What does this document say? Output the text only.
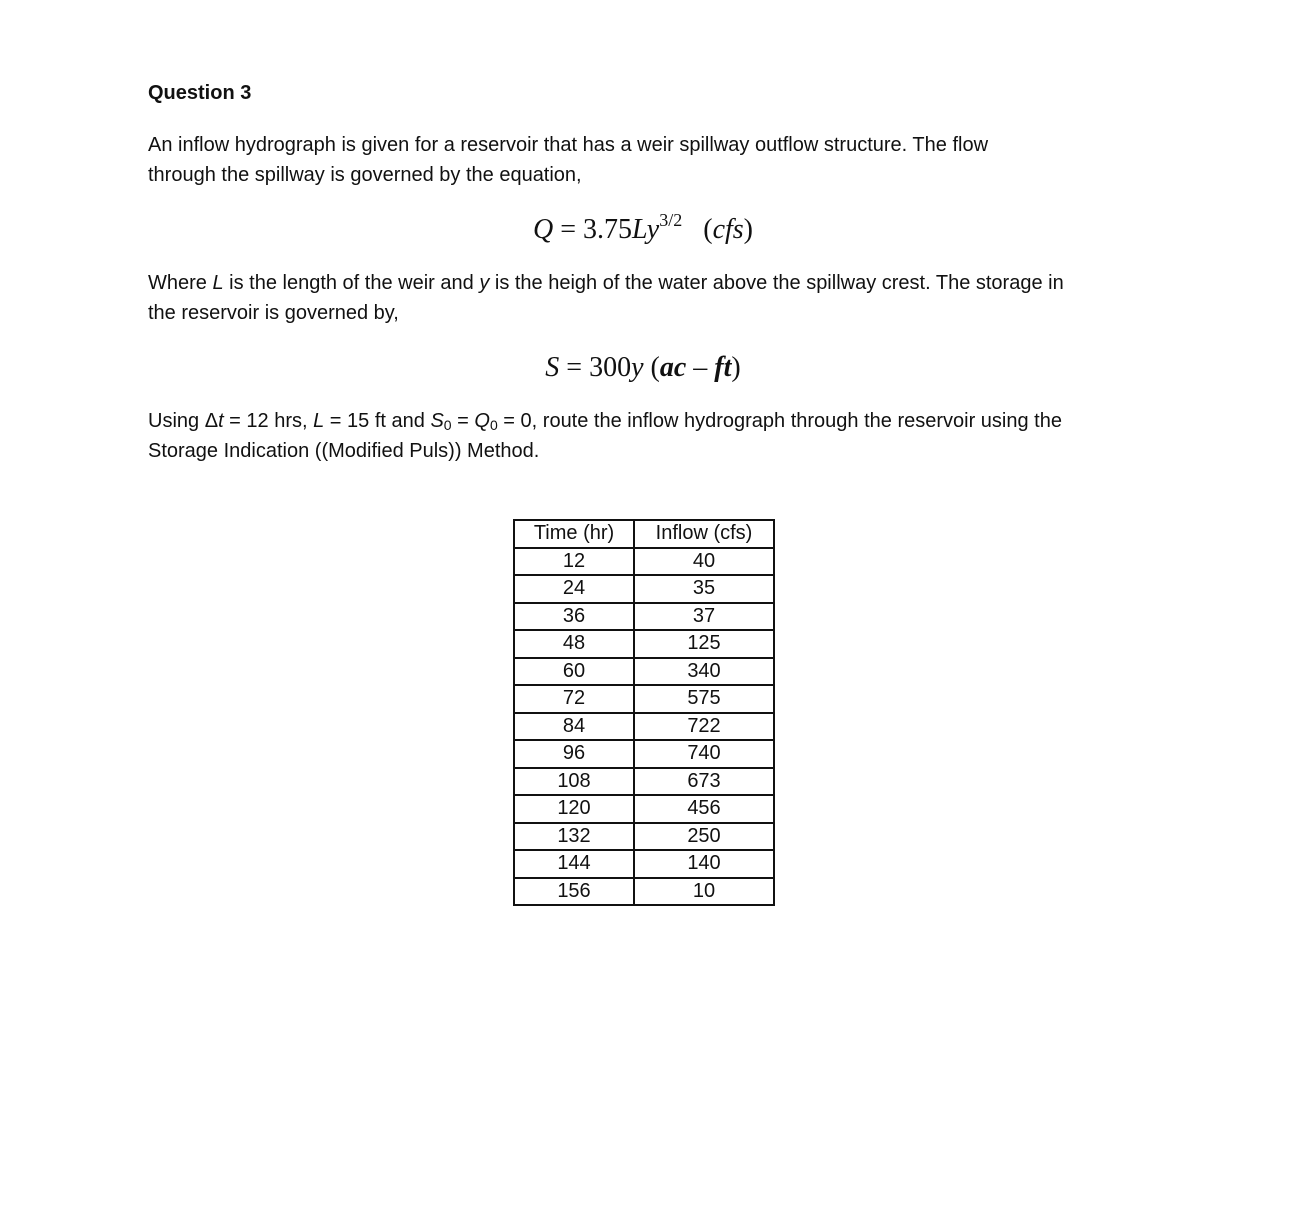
Question 3

An inflow hydrograph is given for a reservoir that has a weir spillway outflow structure. The flow
through the spillway is governed by the equation,

$Q = 3.75Ly^{3/2}$ (cfs)

Where L is the length of the weir and y is the heigh of the water above the spillway crest. The storage in
the reservoir is governed by,

S = 300y (ac – ft)

Using Δt = 12 hrs, L = 15 ft and $S_0 = Q_0 = 0$, route the inflow hydrograph through the reservoir using the
Storage Indication ((Modified Puls)) Method.

Time (hr)	Inflow (cfs)
12	40
24	35
36	37
48	125
60	340
72	575
84	722
96	740
108	673
120	456
132	250
144	140
156	10
